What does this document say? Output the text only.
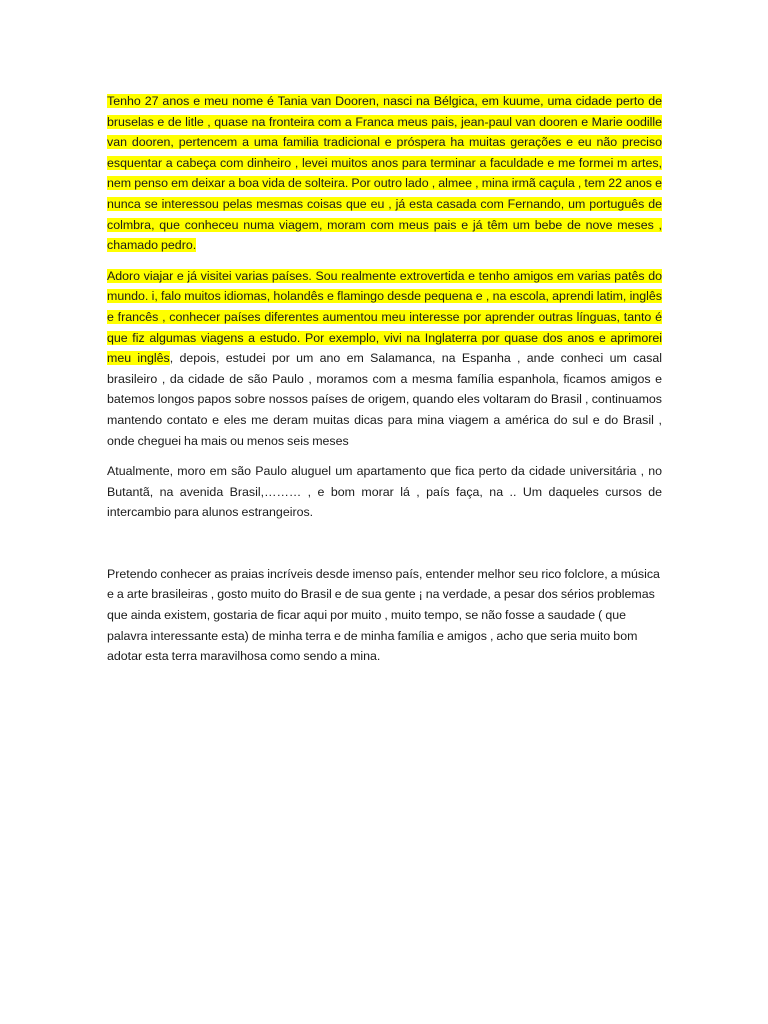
Tenho 27 anos e meu nome é Tania van Dooren, nasci na Bélgica, em kuume, uma cidade perto de bruselas e de litle , quase na fronteira com a Franca meus pais, jean-paul van dooren e Marie oodille van dooren, pertencem a uma familia tradicional e próspera ha muitas gerações e eu não preciso esquentar a cabeça com dinheiro , levei muitos anos para terminar a faculdade e me formei m artes, nem penso em deixar a boa vida de solteira. Por outro lado , almee , mina irmã caçula , tem 22 anos e nunca se interessou pelas mesmas coisas que eu , já esta casada com Fernando, um português de colmbra, que conheceu numa viagem, moram com meus pais e já têm um bebe de nove meses , chamado pedro.

Adoro viajar e já visitei varias países. Sou realmente extrovertida e tenho amigos em varias patês do mundo. i, falo muitos idiomas, holandês e flamingo desde pequena e , na escola, aprendi latim, inglês e francês , conhecer países diferentes aumentou meu interesse por aprender outras línguas, tanto é que fiz algumas viagens a estudo. Por exemplo, vivi na Inglaterra por quase dos anos e aprimorei meu inglês, depois, estudei por um ano em Salamanca, na Espanha , ande conheci um casal brasileiro , da cidade de são Paulo , moramos com a mesma família espanhola, ficamos amigos e batemos longos papos sobre nossos países de origem, quando eles voltaram do Brasil , continuamos mantendo contato e eles me deram muitas dicas para mina viagem a américa do sul e do Brasil , onde cheguei ha mais ou menos seis meses

Atualmente, moro em são Paulo aluguel um apartamento que fica perto da cidade universitária , no Butantã, na avenida Brasil,……… , e bom morar lá , país faça, na .. Um daqueles cursos de intercambio para alunos estrangeiros.

Pretendo conhecer as praias incríveis desde imenso país, entender melhor seu rico folclore, a música e a arte brasileiras , gosto muito do Brasil e de sua gente ¡ na verdade, a pesar dos sérios problemas que ainda existem, gostaria de ficar aqui por muito , muito tempo, se não fosse a saudade ( que palavra interessante esta) de minha terra e de minha família e amigos , acho que seria muito bom adotar esta terra maravilhosa como sendo a mina.
